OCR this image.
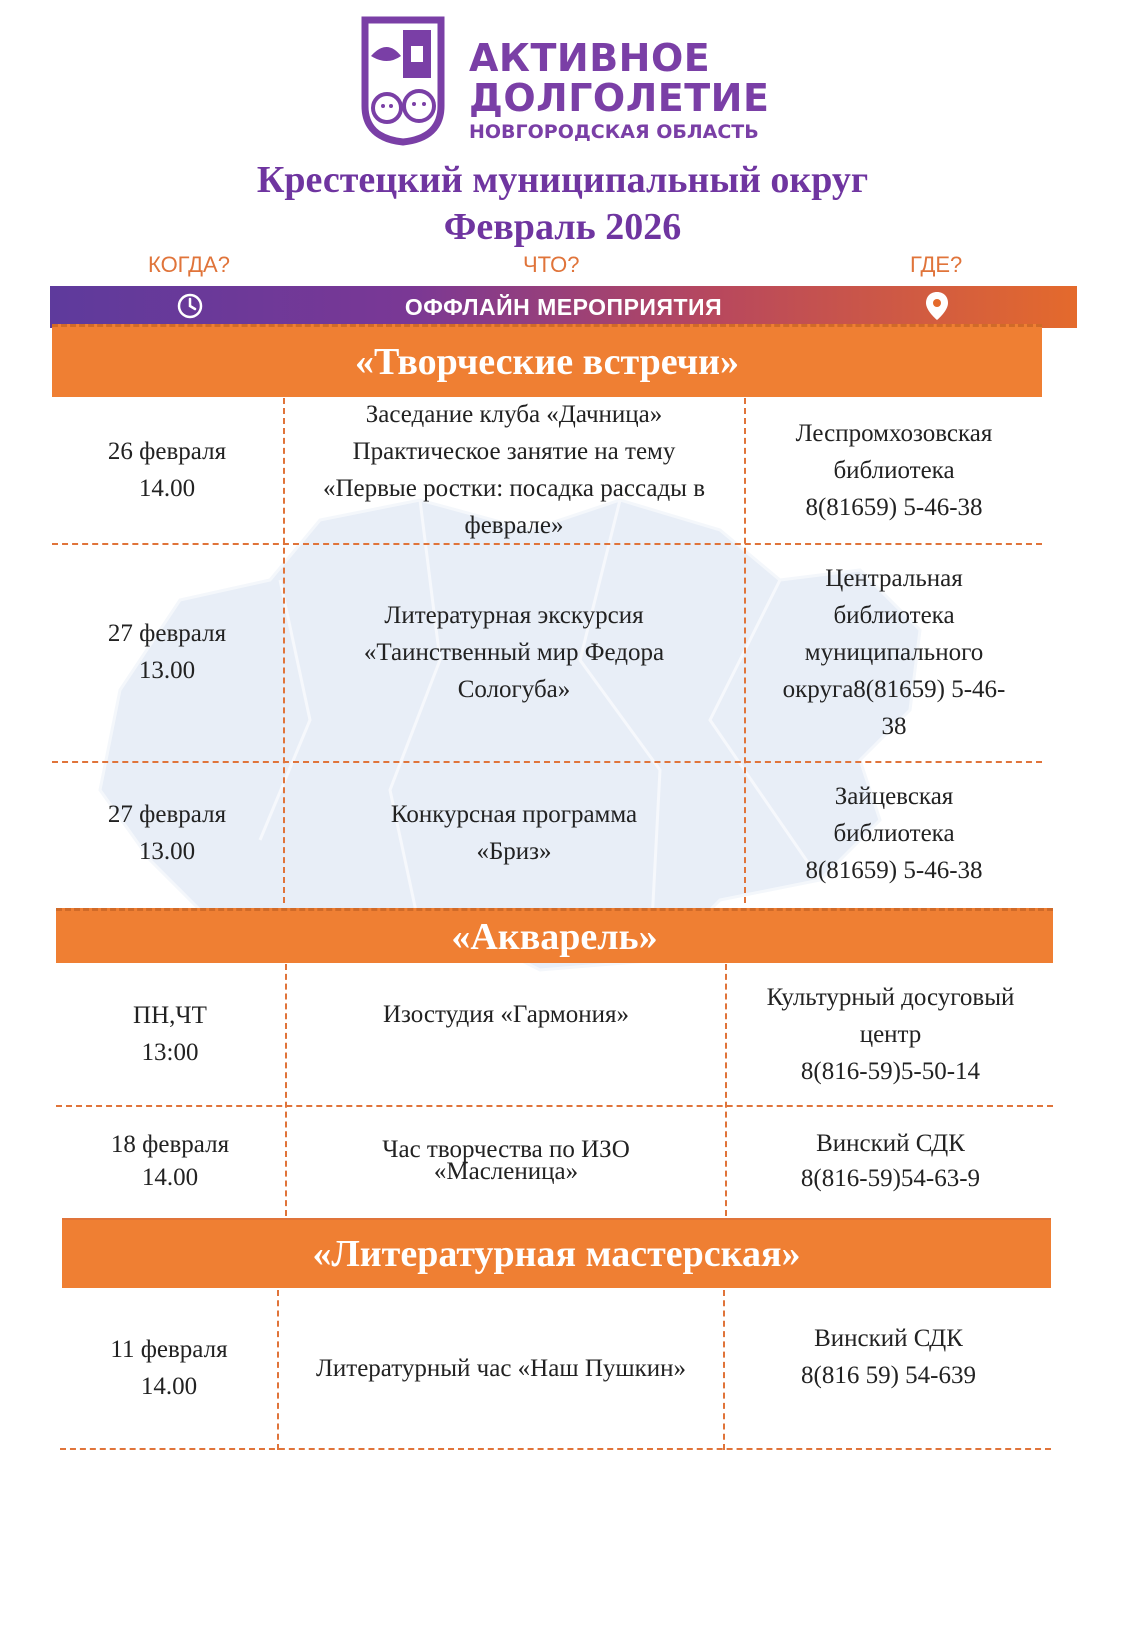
АКТИВНОЕ
ДОЛГОЛЕТИЕ
НОВГОРОДСКАЯ ОБЛАСТЬ
Крестецкий муниципальный округ
Февраль 2026
КОГДА?	ЧТО?	ГДЕ?
ОФФЛАЙН МЕРОПРИЯТИЯ
«Творческие встречи»
26 февраля
14.00
Заседание клуба «Дачница»
Практическое занятие на тему
«Первые ростки: посадка рассады в
феврале»
Леспромхозовская
библиотека
8(81659) 5-46-38
27 февраля
13.00
Литературная экскурсия
«Таинственный мир Федора
Сологуба»
Центральная
библиотека
муниципального
округа8(81659) 5-46-
38
27 февраля
13.00
Конкурсная программа
«Бриз»
Зайцевская
библиотека
8(81659) 5-46-38
«Акварель»
ПН,ЧТ
13:00
Изостудия «Гармония»
Культурный досуговый
центр
8(816-59)5-50-14
18 февраля
14.00
Час творчества по ИЗО
«Масленица»
Винский СДК
8(816-59)54-63-9
«Литературная мастерская»
11 февраля
14.00
Литературный час «Наш Пушкин»
Винский СДК
8(816 59) 54-639
